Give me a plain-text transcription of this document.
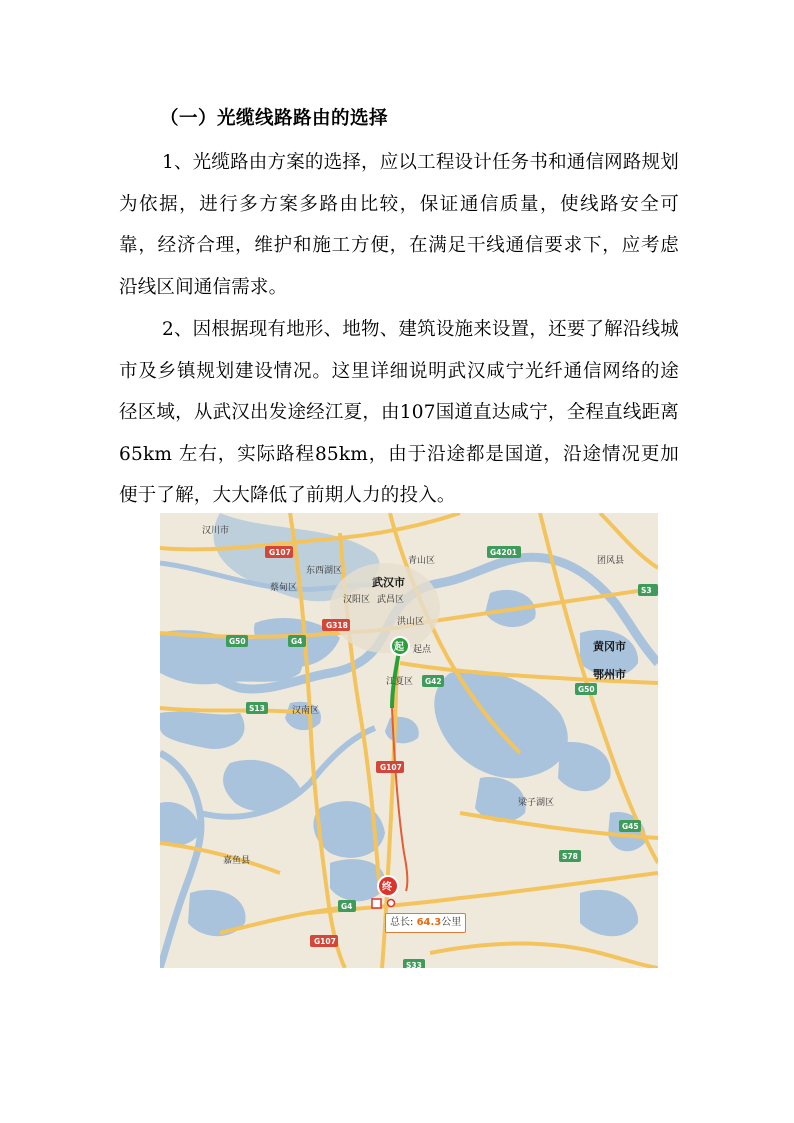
（一）光缆线路路由的选择
1、光缆路由方案的选择，应以工程设计任务书和通信网路规划为依据，进行多方案多路由比较，保证通信质量，使线路安全可靠，经济合理，维护和施工方便，在满足干线通信要求下，应考虑沿线区间通信需求。
2、因根据现有地形、地物、建筑设施来设置，还要了解沿线城市及乡镇规划建设情况。这里详细说明武汉咸宁光纤通信网络的途径区域，从武汉出发途经江夏，由107国道直达咸宁，全程直线距离65km 左右，实际路程85km，由于沿途都是国道，沿途情况更加便于了解，大大降低了前期人力的投入。
G107	G4201
G318
G50	G4
G42
S13
G107
G50
G45
S78
G4
G107
S33
S3
汉川市
东西湖区
蔡甸区	武汉市
汉阳区 武昌区
青山区
洪山区
江夏区
汉南区
团风县
黄冈市
鄂州市
梁子湖区
嘉鱼县
起 起点
终
总长: 64.3公里
